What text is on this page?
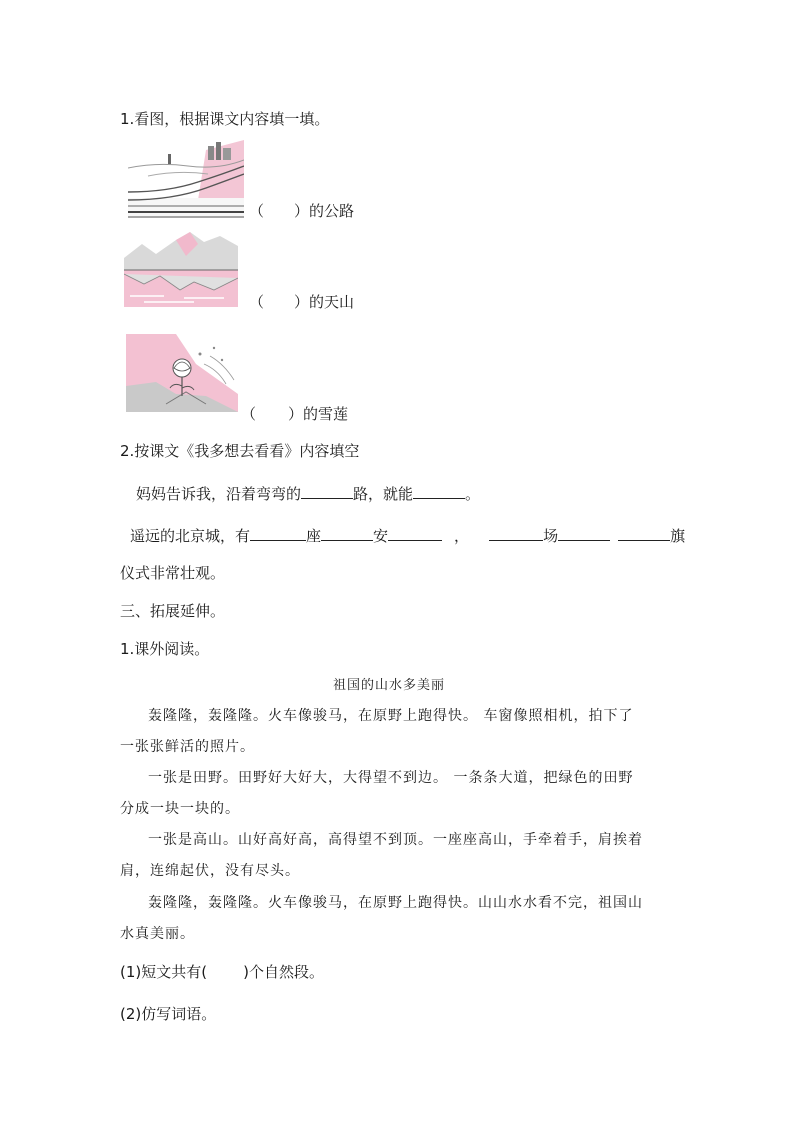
1.看图，根据课文内容填一填。
（ ）的公路
（ ）的天山
（ ）的雪莲
2.按课文《我多想去看看》内容填空
妈妈告诉我，沿着弯弯的	路，就能	。
遥远的北京城，有	座	安	，	场	旗
仪式非常壮观。
三、拓展延伸。
1.课外阅读。
祖国的山水多美丽
轰隆隆，轰隆隆。火车像骏马，在原野上跑得快。 车窗像照相机，拍下了
一张张鲜活的照片。
一张是田野。田野好大好大，大得望不到边。 一条条大道，把绿色的田野
分成一块一块的。
一张是高山。山好高好高，高得望不到顶。一座座高山，手牵着手，肩挨着
肩，连绵起伏，没有尽头。
轰隆隆，轰隆隆。火车像骏马，在原野上跑得快。山山水水看不完，祖国山
水真美丽。
(1)短文共有( )个自然段。
(2)仿写词语。
